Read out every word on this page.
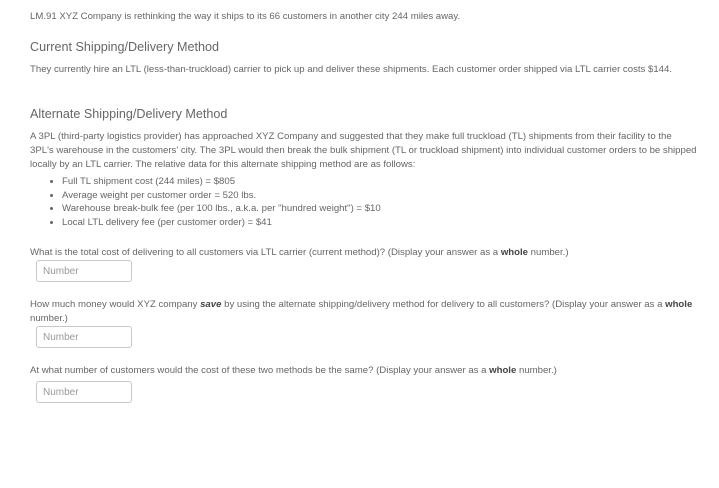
LM.91 XYZ Company is rethinking the way it ships to its 66 customers in another city 244 miles away.
Current Shipping/Delivery Method
They currently hire an LTL (less-than-truckload) carrier to pick up and deliver these shipments. Each customer order shipped via LTL carrier costs $144.
Alternate Shipping/Delivery Method
A 3PL (third-party logistics provider) has approached XYZ Company and suggested that they make full truckload (TL) shipments from their facility to the 3PL's warehouse in the customers' city. The 3PL would then break the bulk shipment (TL or truckload shipment) into individual customer orders to be shipped locally by an LTL carrier. The relative data for this alternate shipping method are as follows:
• Full TL shipment cost (244 miles) = $805
• Average weight per customer order = 520 lbs.
• Warehouse break-bulk fee (per 100 lbs., a.k.a. per "hundred weight") = $10
• Local LTL delivery fee (per customer order) = $41
What is the total cost of delivering to all customers via LTL carrier (current method)? (Display your answer as a whole number.)
Number
How much money would XYZ company save by using the alternate shipping/delivery method for delivery to all customers? (Display your answer as a whole number.)
Number
At what number of customers would the cost of these two methods be the same? (Display your answer as a whole number.)
Number
